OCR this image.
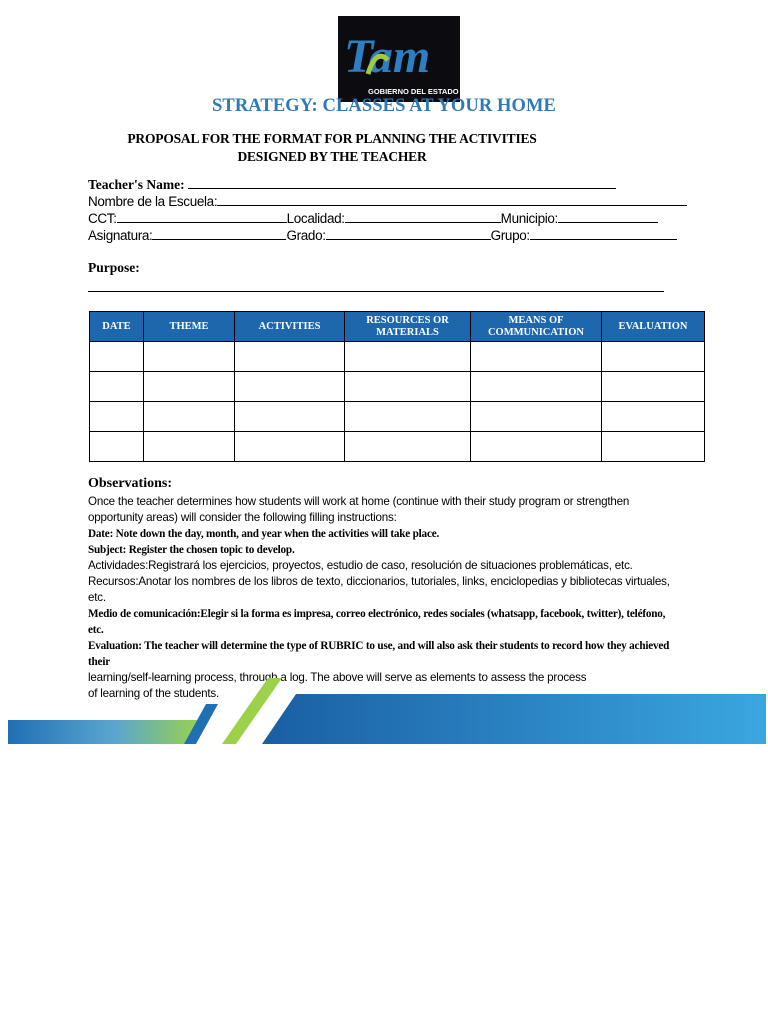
Tam
GOBIERNO DEL ESTADO
STRATEGY: CLASSES AT YOUR HOME
PROPOSAL FOR THE FORMAT FOR PLANNING THE ACTIVITIES DESIGNED BY THE TEACHER
Teacher's Name:
Nombre de la Escuela:
CCT:	Localidad:	Municipio:
Asignatura:	Grado:	Grupo:
Purpose:
DATE	THEME	ACTIVITIES	RESOURCES OR MATERIALS	MEANS OF COMMUNICATION	EVALUATION

Observations:
Once the teacher determines how students will work at home (continue with their study program or strengthen opportunity areas) will consider the following filling instructions:
Date: Note down the day, month, and year when the activities will take place.
Subject: Register the chosen topic to develop.
Actividades:Registrará los ejercicios, proyectos, estudio de caso, resolución de situaciones problemáticas, etc.
Recursos:Anotar los nombres de los libros de texto, diccionarios, tutoriales, links, enciclopedias y bibliotecas virtuales, etc.
Medio de comunicación:Elegir si la forma es impresa, correo electrónico, redes sociales (whatsapp, facebook, twitter), teléfono, etc.
Evaluation: The teacher will determine the type of RUBRIC to use, and will also ask their students to record how they achieved their
learning/self-learning process, through a log. The above will serve as elements to assess the process of learning of the students.
